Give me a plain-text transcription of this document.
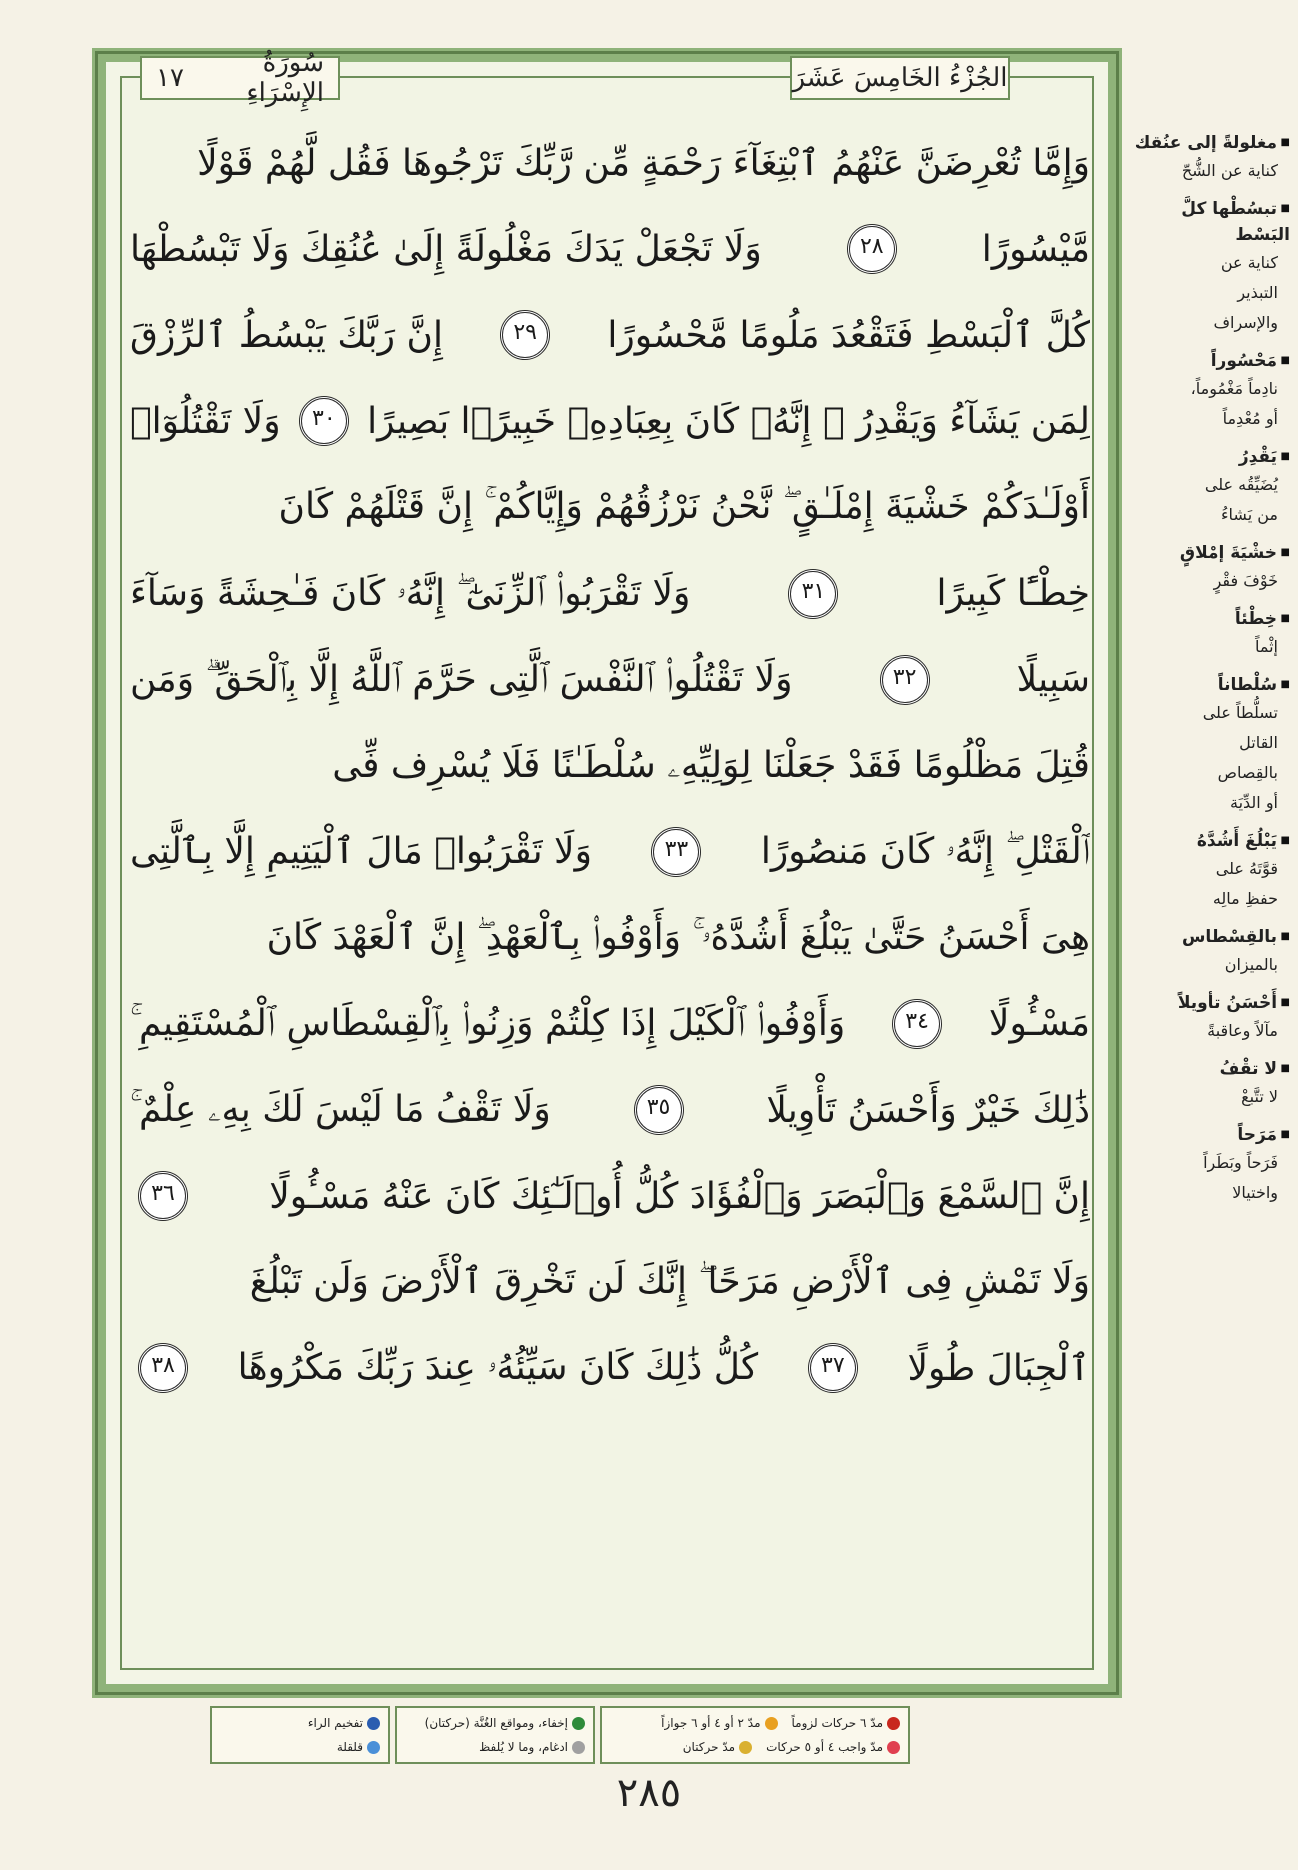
الجُزْءُ الخَامِسَ عَشَرَ
سُورَةُ الإِسْرَاءِ
١٧
وَإِمَّا تُعْرِضَنَّ عَنْهُمُ ٱبْتِغَآءَ رَحْمَةٍ مِّن رَّبِّكَ تَرْجُوهَا فَقُل لَّهُمْ قَوْلًا
مَّيْسُورًا
٢٨
وَلَا تَجْعَلْ يَدَكَ مَغْلُولَةً إِلَىٰ عُنُقِكَ وَلَا تَبْسُطْهَا
كُلَّ ٱلْبَسْطِ فَتَقْعُدَ مَلُومًا مَّحْسُورًا
٢٩
إِنَّ رَبَّكَ يَبْسُطُ ٱلرِّزْقَ
لِمَن يَشَآءُ وَيَقْدِرُ ۚ إِنَّهُۥ كَانَ بِعِبَادِهِۦ خَبِيرًۢا بَصِيرًا
٣٠
وَلَا تَقْتُلُوٓا۟
أَوْلَـٰدَكُمْ خَشْيَةَ إِمْلَـٰقٍ ۖ نَّحْنُ نَرْزُقُهُمْ وَإِيَّاكُمْ ۚ إِنَّ قَتْلَهُمْ كَانَ
خِطْـًٔا كَبِيرًا
٣١
وَلَا تَقْرَبُوا۟ ٱلزِّنَىٰٓ ۖ إِنَّهُۥ كَانَ فَـٰحِشَةً وَسَآءَ
سَبِيلًا
٣٢
وَلَا تَقْتُلُوا۟ ٱلنَّفْسَ ٱلَّتِى حَرَّمَ ٱللَّهُ إِلَّا بِٱلْحَقِّ ۗ وَمَن
قُتِلَ مَظْلُومًا فَقَدْ جَعَلْنَا لِوَلِيِّهِۦ سُلْطَـٰنًا فَلَا يُسْرِف فِّى
ٱلْقَتْلِ ۖ إِنَّهُۥ كَانَ مَنصُورًا
٣٣
وَلَا تَقْرَبُوا۟ مَالَ ٱلْيَتِيمِ إِلَّا بِٱلَّتِى
هِىَ أَحْسَنُ حَتَّىٰ يَبْلُغَ أَشُدَّهُۥ ۚ وَأَوْفُوا۟ بِٱلْعَهْدِ ۖ إِنَّ ٱلْعَهْدَ كَانَ
مَسْـُٔولًا
٣٤
وَأَوْفُوا۟ ٱلْكَيْلَ إِذَا كِلْتُمْ وَزِنُوا۟ بِٱلْقِسْطَاسِ ٱلْمُسْتَقِيمِ ۚ
ذَٰلِكَ خَيْرٌ وَأَحْسَنُ تَأْوِيلًا
٣٥
وَلَا تَقْفُ مَا لَيْسَ لَكَ بِهِۦ عِلْمٌ ۚ
إِنَّ ٱلسَّمْعَ وَٱلْبَصَرَ وَٱلْفُؤَادَ كُلُّ أُو۟لَـٰٓئِكَ كَانَ عَنْهُ مَسْـُٔولًا
٣٦
وَلَا تَمْشِ فِى ٱلْأَرْضِ مَرَحًا ۖ إِنَّكَ لَن تَخْرِقَ ٱلْأَرْضَ وَلَن تَبْلُغَ
ٱلْجِبَالَ طُولًا
٣٧
كُلُّ ذَٰلِكَ كَانَ سَيِّئُهُۥ عِندَ رَبِّكَ مَكْرُوهًا
٣٨
■ مغلولةً إلى عنُقك
كناية عن الشُّحّ
■ تبسُطْها كلَّ البَسْط
كناية عن
التبذير
والإسراف
■ مَحْسُوراً
نادِماً مَغْمُوماً،
أو مُعْدِماً
■ يَقْدِرُ
يُضَيِّقُه على
من يَشاءُ
■ خشْيَةَ إمْلاقٍ
خَوْفَ فقْرٍ
■ خِطْئاً
إثْماً
■ سُلْطاناً
تسلُّطاً على
القاتل
بالقِصاص
أو الدِّيَة
■ يَبْلُغَ أَشُدَّهُ
قوَّتَهُ على
حفظِ مالِه
■ بالقِسْطاس
بالميزان
■ أَحْسَنُ تأويلاً
مآلاً وعاقبةً
■ لا تقْفُ
لا تتَّبعْ
■ مَرَحاً
فَرَحاً وبَطَراً
واختيالا
مدّ ٦ حركات لزوماً
مدّ ٢ أو ٤ أو ٦ جوازاً
مدّ واجب ٤ أو ٥ حركات
مدّ حركتان
إخفاء، ومواقع الغُنَّة (حركتان)
ادغام، وما لا يُلفظ
تفخيم الراء
قلقلة
٢٨٥
